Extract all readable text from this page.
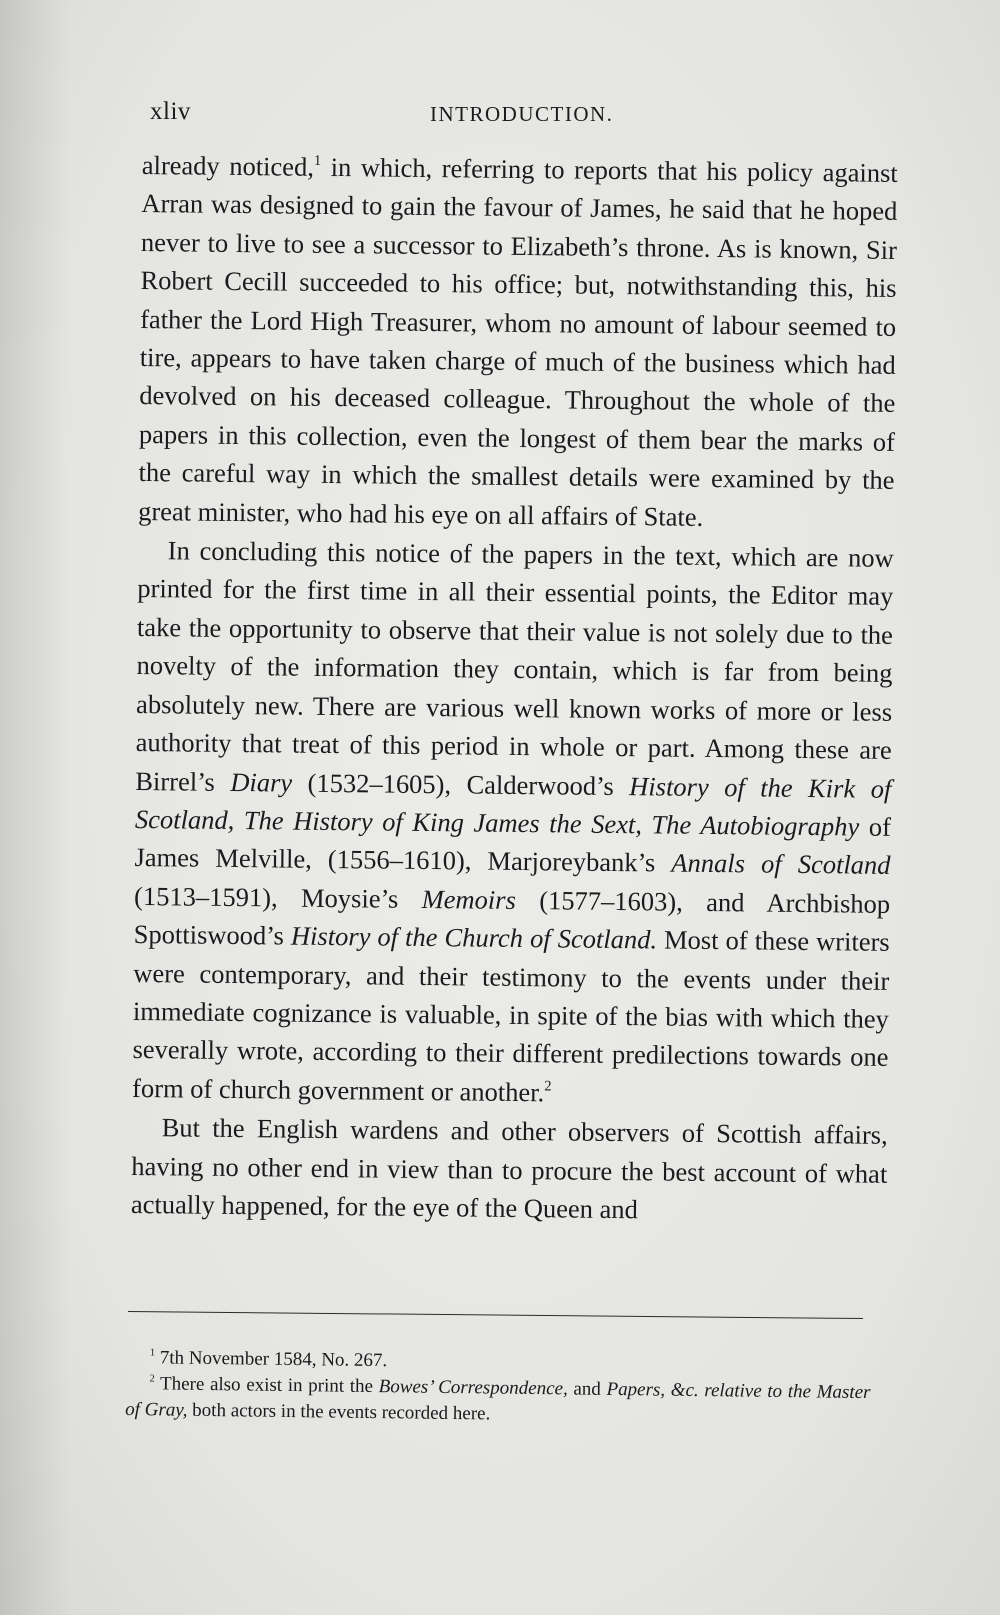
xliv	INTRODUCTION.

already noticed,$^1$ in which, referring to reports that his policy against Arran was designed to gain the favour of James, he said that he hoped never to live to see a successor to Elizabeth’s throne. As is known, Sir Robert Cecill succeeded to his office; but, notwithstanding this, his father the Lord High Treasurer, whom no amount of labour seemed to tire, appears to have taken charge of much of the business which had devolved on his deceased colleague. Throughout the whole of the papers in this collection, even the longest of them bear the marks of the careful way in which the smallest details were examined by the great minister, who had his eye on all affairs of State.

In concluding this notice of the papers in the text, which are now printed for the first time in all their essential points, the Editor may take the opportunity to observe that their value is not solely due to the novelty of the information they contain, which is far from being absolutely new. There are various well known works of more or less authority that treat of this period in whole or part. Among these are Birrel’s Diary (1532–1605), Calderwood’s History of the Kirk of Scotland, The History of King James the Sext, The Autobiography of James Melville, (1556–1610), Marjoreybank’s Annals of Scotland (1513–1591), Moysie’s Memoirs (1577–1603), and Archbishop Spottiswood’s History of the Church of Scotland. Most of these writers were contemporary, and their testimony to the events under their immediate cognizance is valuable, in spite of the bias with which they severally wrote, according to their different predilections towards one form of church government or another.$^2$

But the English wardens and other observers of Scottish affairs, having no other end in view than to procure the best account of what actually happened, for the eye of the Queen and

$^1$ 7th November 1584, No. 267.

$^2$ There also exist in print the Bowes’ Correspondence, and Papers, &c. relative to the Master of Gray, both actors in the events recorded here.
